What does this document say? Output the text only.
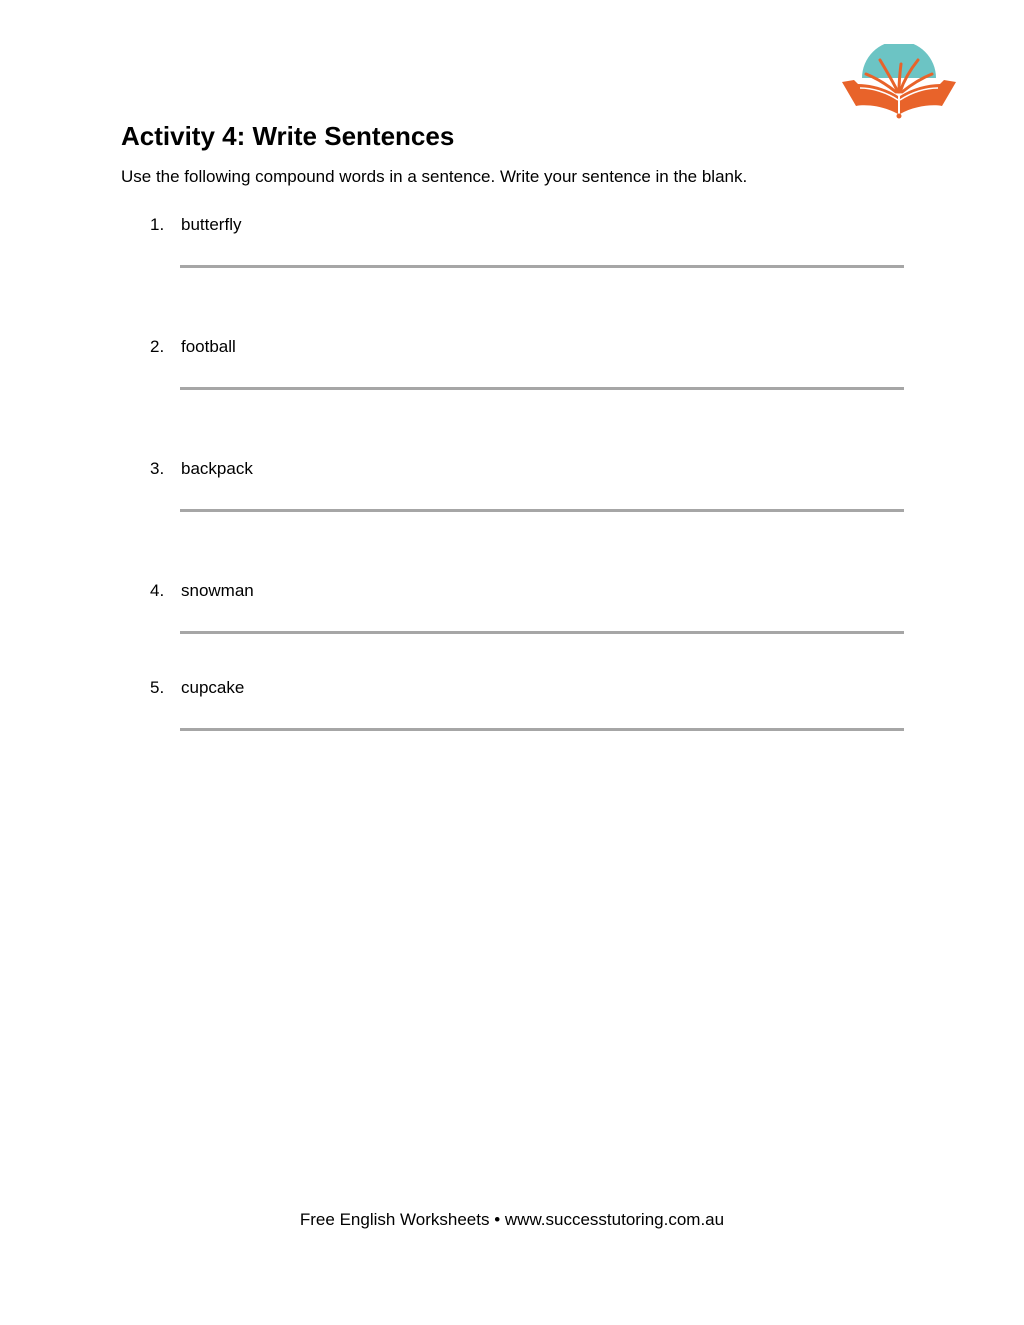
Activity 4: Write Sentences

Use the following compound words in a sentence. Write your sentence in the blank.

1. butterfly
2. football
3. backpack
4. snowman
5. cupcake
Free English Worksheets • www.successtutoring.com.au
